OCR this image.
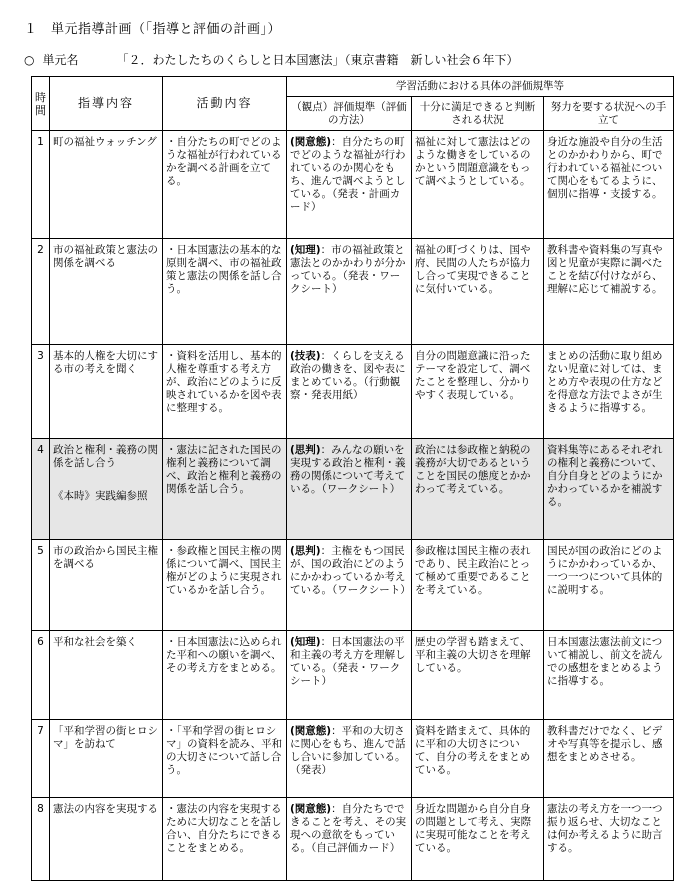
１　単元指導計画（「指導と評価の計画」）
○ 単元名	「２．わたしたちのくらしと日本国憲法」（東京書籍　新しい社会６年下）
時間	指導内容	活動内容	学習活動における具体の評価規準等		
			（観点）評価規準（評価の方法）	十分に満足できると判断される状況	努力を要する状況への手立て
1	町の福祉ウォッチング	・自分たちの町でどのような福祉が行われているかを調べる計画を立てる。	(関意態)：自分たちの町でどのような福祉が行われているのか関心をもち、進んで調べようとしている。（発表・計画カード）	福祉に対して憲法はどのような働きをしているのかという問題意識をもって調べようとしている。	身近な施設や自分の生活とのかかわりから、町で行われている福祉について関心をもてるように、個別に指導・支援する。
2	市の福祉政策と憲法の関係を調べる	・日本国憲法の基本的な原則を調べ、市の福祉政策と憲法の関係を話し合う。	(知理)：市の福祉政策と憲法とのかかわりが分かっている。（発表・ワークシート）	福祉の町づくりは、国や府、民間の人たちが協力し合って実現できることに気付いている。	教科書や資料集の写真や図と児童が実際に調べたことを結び付けながら、理解に応じて補説する。
3	基本的人権を大切にする市の考えを聞く	・資料を活用し、基本的人権を尊重する考え方が、政治にどのように反映されているかを図や表に整理する。	(技表)：くらしを支える政治の働きを、図や表にまとめている。（行動観察・発表用紙）	自分の問題意識に沿ったテーマを設定して、調べたことを整理し、分かりやすく表現している。	まとめの活動に取り組めない児童に対しては、まとめ方や表現の仕方などを得意な方法でよさが生きるように指導する。
4	政治と権利・義務の関係を話し合う
《本時》実践編参照	・憲法に記された国民の権利と義務について調べ、政治と権利と義務の関係を話し合う。	(思判)：みんなの願いを実現する政治と権利・義務の関係について考えている。（ワークシート）	政治には参政権と納税の義務が大切であるということを国民の態度とかかわって考えている。	資料集等にあるそれぞれの権利と義務について、自分自身とどのようにかかわっているかを補説する。
5	市の政治から国民主権を調べる	・参政権と国民主権の関係について調べ、国民主権がどのように実現されているかを話し合う。	(思判)：主権をもつ国民が、国の政治にどのようにかかわっているか考えている。（ワークシート）	参政権は国民主権の表れであり、民主政治にとって極めて重要であることを考えている。	国民が国の政治にどのようにかかわっているか、一つ一つについて具体的に説明する。
6	平和な社会を築く	・日本国憲法に込められた平和への願いを調べ、その考え方をまとめる。	(知理)：日本国憲法の平和主義の考え方を理解している。（発表・ワークシート）	歴史の学習も踏まえて、平和主義の大切さを理解している。	日本国憲法憲法前文について補説し、前文を読んでの感想をまとめるように指導する。
7	「平和学習の街ヒロシマ」を訪ねて	・「平和学習の街ヒロシマ」の資料を読み、平和の大切さについて話し合う。	(関意態)：平和の大切さに関心をもち、進んで話し合いに参加している。（発表）	資料を踏まえて、具体的に平和の大切さについて、自分の考えをまとめている。	教科書だけでなく、ビデオや写真等を提示し、感想をまとめさせる。
8	憲法の内容を実現する	・憲法の内容を実現するために大切なことを話し合い、自分たちにできることをまとめる。	(関意態)：自分たちでできることを考え、その実現への意欲をもっている。（自己評価カード）	身近な問題から自分自身の問題として考え、実際に実現可能なことを考えている。	憲法の考え方を一つ一つ振り返らせ、大切なことは何か考えるように助言する。
